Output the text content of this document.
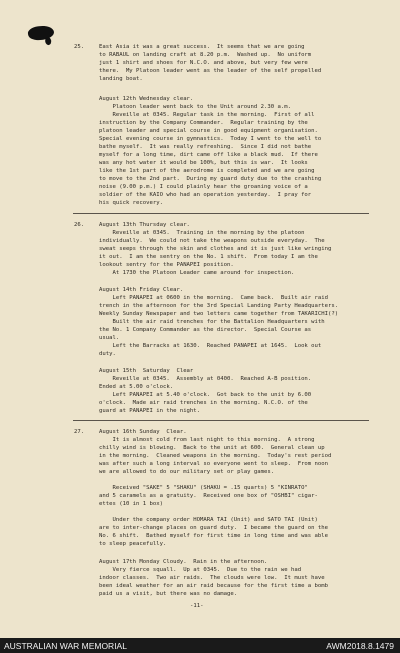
25.

	East Asia it was a great success.  It seems that we are going

to RABAUL on landing craft at 8.20 p.m.  Washed up.  No uniform

just 1 shirt and shoes for N.C.O. and above, but very few were

there.  My Platoon leader went as the leader of the self propelled

landing boat.

August 12th Wednesday clear.

Platoon leader went back to the Unit around 2.30 a.m.

Reveille at 0345. Regular task in the morning.  First of all

instruction by the Company Commander.  Regular training by the

platoon leader and special course in good equipment organisation.

Special evening course in gymnastics.  Today I went to the well to

bathe myself.  It was really refreshing.  Since I did not bathe

myself for a long time, dirt came off like a black mud.  If there

was any hot water it would be 100%, but this is war.  It looks

like the 1st part of the aerodrome is completed and we are going

to move to the 2nd part.  During my guard duty due to the crashing

noise (9.00 p.m.) I could plainly hear the groaning voice of a

soldier of the KAIO who had an operation yesterday.  I pray for

his quick recovery.

26.

	August 13th Thursday clear.

Reveille at 0345.  Training in the morning by the platoon

individually.  We could not take the weapons outside everyday.  The

sweat seeps through the skin and clothes and it is just like wringing

it out.  I am the sentry on the No. 1 shift.  From today I am the

lookout sentry for the PANAPEI position.

At 1730 the Platoon Leader came around for inspection.

August 14th Friday Clear.

Left PANAPEI at 0600 in the morning.  Came back.  Built air raid

trench in the afternoon for the 3rd Special Landing Party Headquarters.

Weekly Sunday Newspaper and two letters came together from TAKARICHI(?)

Built the air raid trenches for the Battalion Headquarters with

the No. 1 Company Commander as the director.  Special Course as

usual.

Left the Barracks at 1630.  Reached PANAPEI at 1645.  Look out

duty.

August 15th  Saturday  Clear

Reveille at 0345.  Assembly at 0400.  Reached A-B position.

Ended at 5.00 o'clock.

Left PANAPEI at 5.40 o'clock.  Got back to the unit by 6.00

o'clock.  Made air raid trenches in the morning. N.C.O. of the

guard at PANAPEI in the night.

27.

	August 16th Sunday  Clear.

It is almost cold from last night to this morning.  A strong

chilly wind is blowing.  Back to the unit at 600.  General clean up

in the morning.  Cleaned weapons in the morning.  Today's rest period

was after such a long interval so everyone went to sleep.  From noon

we are allowed to do our military set or play games.

Received "SAKE" 5 "SHAKU" (SHAKU = .15 quarts) 5 "KINRATO"

and 5 caramels as a gratuity.  Received one box of "OSHBI" cigar-

ettes (10 in 1 box)

Under the company order HOMARA TAI (Unit) and SATO TAI (Unit)

are to inter-change places on guard duty.  I became the guard on the

No. 6 shift.  Bathed myself for first time in long time and was able

to sleep peacefully.

August 17th Monday Cloudy.  Rain in the afternoon.

Very fierce squall.  Up at 0345.  Due to the rain we had

indoor classes.  Two air raids.  The clouds were low.  It must have

been ideal weather for an air raid because for the first time a bomb

paid us a visit, but there was no damage.

-11-

AUSTRALIAN WAR MEMORIAL	AWM2018.8.1479
